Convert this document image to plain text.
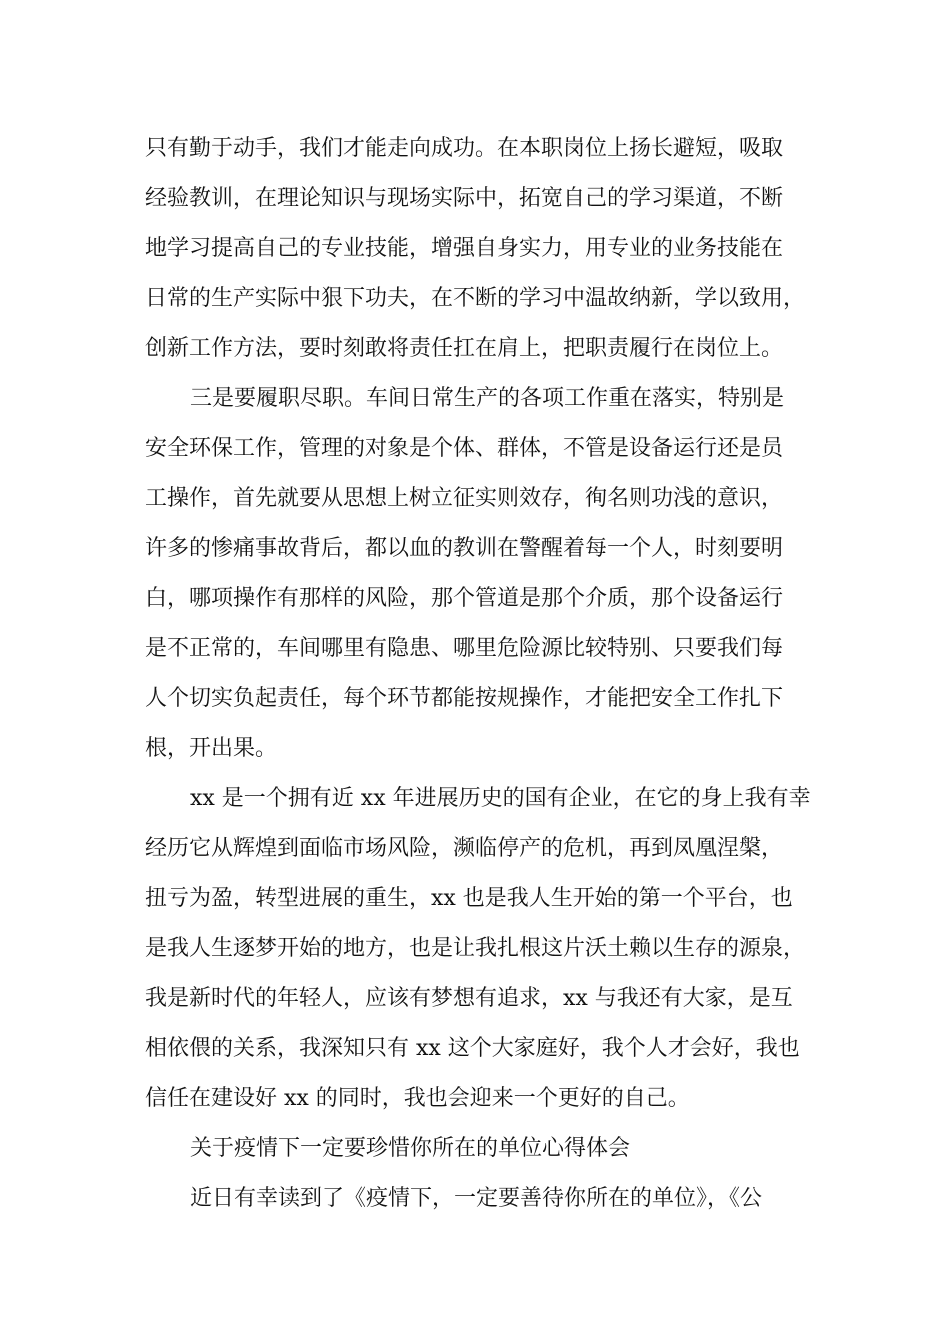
只有勤于动手，我们才能走向成功。在本职岗位上扬长避短，吸取
经验教训，在理论知识与现场实际中，拓宽自己的学习渠道，不断
地学习提高自己的专业技能，增强自身实力，用专业的业务技能在
日常的生产实际中狠下功夫，在不断的学习中温故纳新，学以致用，
创新工作方法，要时刻敢将责任扛在肩上，把职责履行在岗位上。
三是要履职尽职。车间日常生产的各项工作重在落实，特别是
安全环保工作，管理的对象是个体、群体，不管是设备运行还是员
工操作，首先就要从思想上树立征实则效存，徇名则功浅的意识，
许多的惨痛事故背后，都以血的教训在警醒着每一个人，时刻要明
白，哪项操作有那样的风险，那个管道是那个介质，那个设备运行
是不正常的，车间哪里有隐患、哪里危险源比较特别、只要我们每
人个切实负起责任，每个环节都能按规操作，才能把安全工作扎下
根，开出果。
xx 是一个拥有近 xx 年进展历史的国有企业，在它的身上我有幸
经历它从辉煌到面临市场风险，濒临停产的危机，再到凤凰涅槃，
扭亏为盈，转型进展的重生，xx 也是我人生开始的第一个平台，也
是我人生逐梦开始的地方，也是让我扎根这片沃土赖以生存的源泉，
我是新时代的年轻人，应该有梦想有追求，xx 与我还有大家，是互
相依偎的关系，我深知只有 xx 这个大家庭好，我个人才会好，我也
信任在建设好 xx 的同时，我也会迎来一个更好的自己。
关于疫情下一定要珍惜你所在的单位心得体会
近日有幸读到了《疫情下，一定要善待你所在的单位》，《公
